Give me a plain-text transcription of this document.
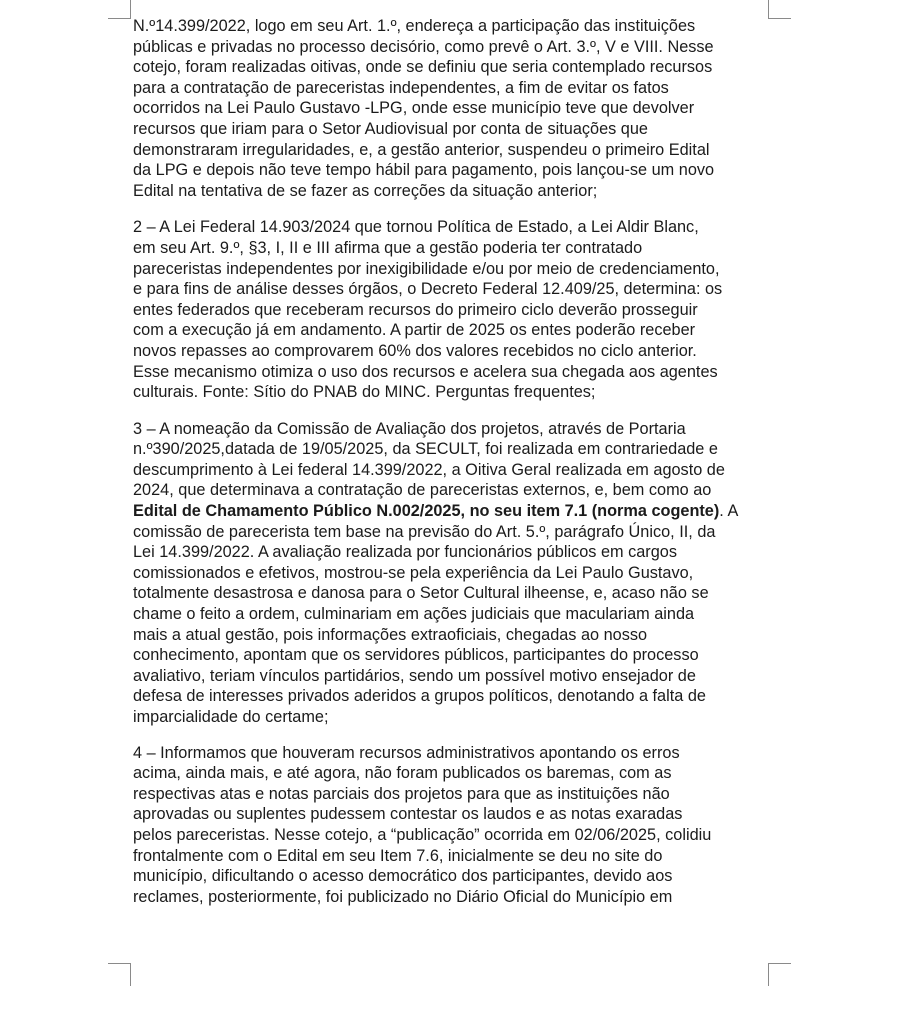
N.º14.399/2022, logo em seu Art. 1.º, endereça a participação das instituições
públicas e privadas no processo decisório, como prevê o Art. 3.º, V e VIII. Nesse
cotejo, foram realizadas oitivas, onde se definiu que seria contemplado recursos
para a contratação de pareceristas independentes, a fim de evitar os fatos
ocorridos na Lei Paulo Gustavo -LPG, onde esse município teve que devolver
recursos que iriam para o Setor Audiovisual por conta de situações que
demonstraram irregularidades, e, a gestão anterior, suspendeu o primeiro Edital
da LPG e depois não teve tempo hábil para pagamento, pois lançou-se um novo
Edital na tentativa de se fazer as correções da situação anterior;
2 – A Lei Federal 14.903/2024 que tornou Política de Estado, a Lei Aldir Blanc,
em seu Art. 9.º, §3, I, II e III afirma que a gestão poderia ter contratado
pareceristas independentes por inexigibilidade e/ou por meio de credenciamento,
e para fins de análise desses órgãos, o Decreto Federal 12.409/25, determina: os
entes federados que receberam recursos do primeiro ciclo deverão prosseguir
com a execução já em andamento. A partir de 2025 os entes poderão receber
novos repasses ao comprovarem 60% dos valores recebidos no ciclo anterior.
Esse mecanismo otimiza o uso dos recursos e acelera sua chegada aos agentes
culturais. Fonte: Sítio do PNAB do MINC. Perguntas frequentes;
3 – A nomeação da Comissão de Avaliação dos projetos, através de Portaria
n.º390/2025,datada de 19/05/2025, da SECULT, foi realizada em contrariedade e
descumprimento à Lei federal 14.399/2022, a Oitiva Geral realizada em agosto de
2024, que determinava a contratação de pareceristas externos, e, bem como ao
Edital de Chamamento Público N.002/2025, no seu item 7.1 (norma cogente). A
comissão de parecerista tem base na previsão do Art. 5.º, parágrafo Único, II, da
Lei 14.399/2022. A avaliação realizada por funcionários públicos em cargos
comissionados e efetivos, mostrou-se pela experiência da Lei Paulo Gustavo,
totalmente desastrosa e danosa para o Setor Cultural ilheense, e, acaso não se
chame o feito a ordem, culminariam em ações judiciais que maculariam ainda
mais a atual gestão, pois informações extraoficiais, chegadas ao nosso
conhecimento, apontam que os servidores públicos, participantes do processo
avaliativo, teriam vínculos partidários, sendo um possível motivo ensejador de
defesa de interesses privados aderidos a grupos políticos, denotando a falta de
imparcialidade do certame;
4 – Informamos que houveram recursos administrativos apontando os erros
acima, ainda mais, e até agora, não foram publicados os baremas, com as
respectivas atas e notas parciais dos projetos para que as instituições não
aprovadas ou suplentes pudessem contestar os laudos e as notas exaradas
pelos pareceristas. Nesse cotejo, a “publicação” ocorrida em 02/06/2025, colidiu
frontalmente com o Edital em seu Item 7.6, inicialmente se deu no site do
município, dificultando o acesso democrático dos participantes, devido aos
reclames, posteriormente, foi publicizado no Diário Oficial do Município em
